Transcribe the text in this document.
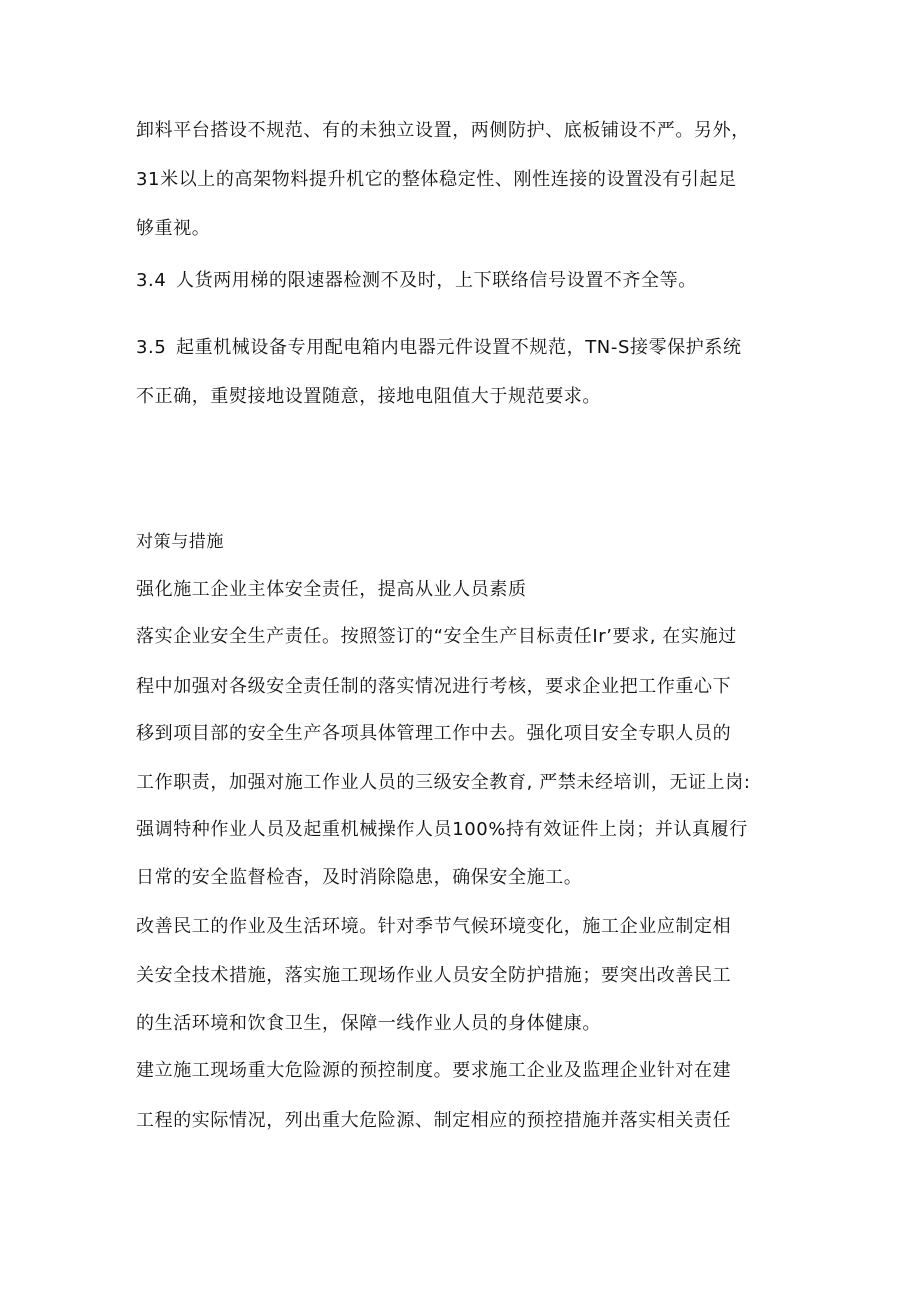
卸料平台搭设不规范、有的未独立设置，两侧防护、底板铺设不严。另外，
31米以上的高架物料提升机它的整体稳定性、刚性连接的设置没有引起足
够重视。
3.4 人货两用梯的限速器检测不及时，上下联络信号设置不齐全等。
3.5 起重机械设备专用配电箱内电器元件设置不规范，TN-S接零保护系统
不正确，重熨接地设置随意，接地电阻值大于规范要求。
对策与措施
强化施工企业主体安全责任，提高从业人员素质
落实企业安全生产责任。按照签订的“安全生产目标责任Ir’要求, 在实施过
程中加强对各级安全责任制的落实情况进行考核，要求企业把工作重心下
移到项目部的安全生产各项具体管理工作中去。强化项目安全专职人员的
工作职责，加强对施工作业人员的三级安全教育, 严禁未经培训，无证上岗:
强调特种作业人员及起重机械操作人员100%持有效证件上岗；并认真履行
日常的安全监督检杳，及时消除隐患，确保安全施工。
改善民工的作业及生活环境。针对季节气候环境变化，施工企业应制定相
关安全技术措施，落实施工现场作业人员安全防护措施；要突出改善民工
的生活环境和饮食卫生，保障一线作业人员的身体健康。
建立施工现场重大危险源的预控制度。要求施工企业及监理企业针对在建
工程的实际情况，列出重大危险源、制定相应的预控措施并落实相关责任
